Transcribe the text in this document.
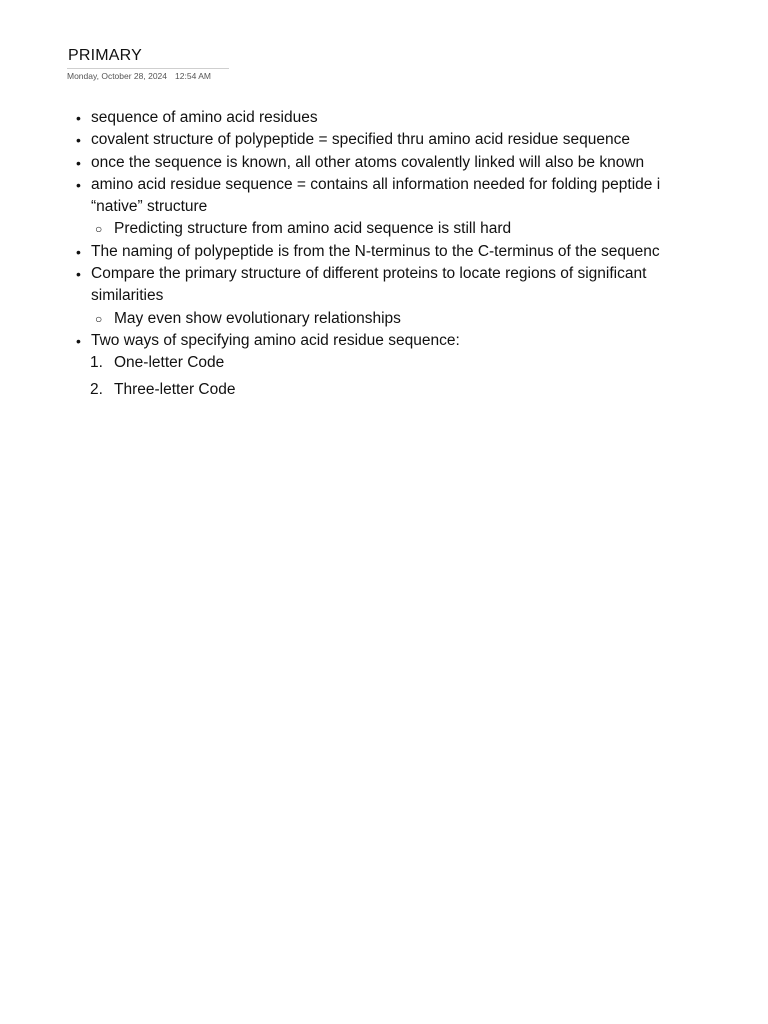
PRIMARY
Monday, October 28, 2024 12:54 AM
• sequence of amino acid residues
• covalent structure of polypeptide = specified thru amino acid residue sequence
• once the sequence is known, all other atoms covalently linked will also be known
• amino acid residue sequence = contains all information needed for folding peptide i
“native” structure
○ Predicting structure from amino acid sequence is still hard
• The naming of polypeptide is from the N-terminus to the C-terminus of the sequenc
• Compare the primary structure of different proteins to locate regions of significant
similarities
○ May even show evolutionary relationships
• Two ways of specifying amino acid residue sequence:
1. One-letter Code
2. Three-letter Code
